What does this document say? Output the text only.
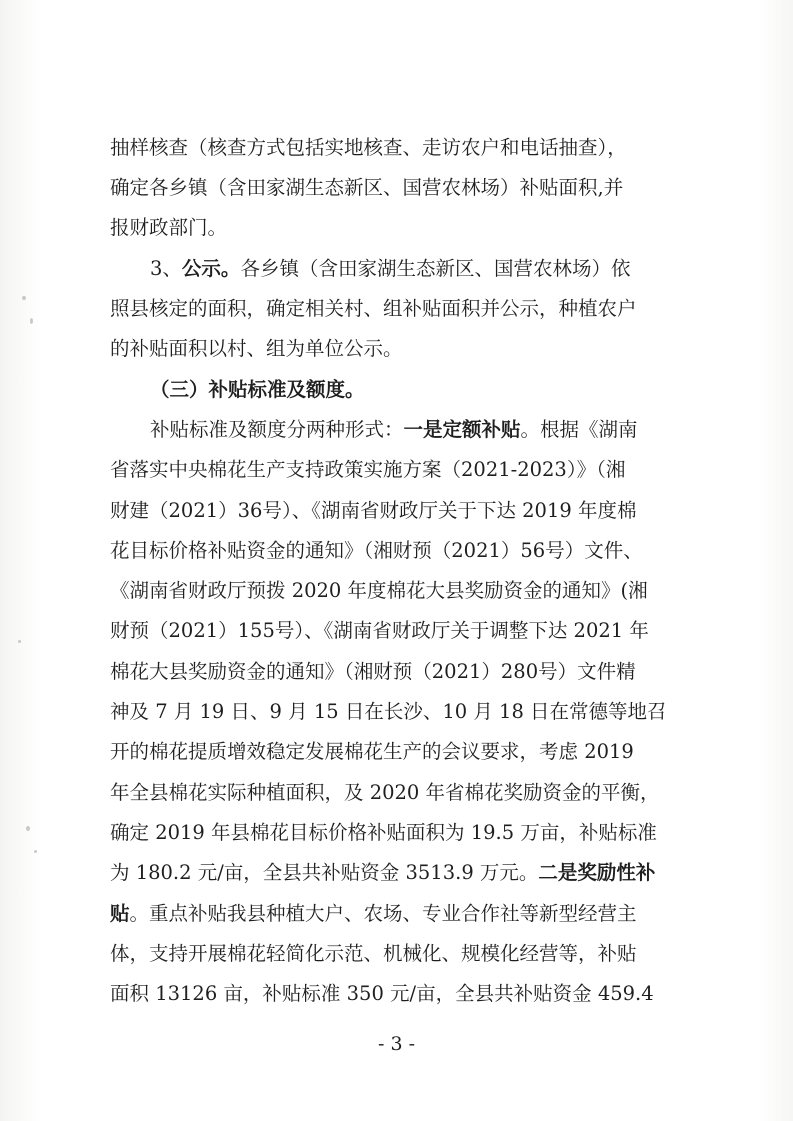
抽样核查（核查方式包括实地核查、走访农户和电话抽查），
确定各乡镇（含田家湖生态新区、国营农林场）补贴面积,并
报财政部门。
3、公示。各乡镇（含田家湖生态新区、国营农林场）依
照县核定的面积，确定相关村、组补贴面积并公示，种植农户
的补贴面积以村、组为单位公示。
（三）补贴标准及额度。
补贴标准及额度分两种形式：一是定额补贴。根据《湖南
省落实中央棉花生产支持政策实施方案（2021-2023）》（湘
财建（2021）36号）、《湖南省财政厅关于下达 2019 年度棉
花目标价格补贴资金的通知》（湘财预（2021）56号）文件、
《湖南省财政厅预拨 2020 年度棉花大县奖励资金的通知》(湘
财预（2021）155号）、《湖南省财政厅关于调整下达 2021 年
棉花大县奖励资金的通知》（湘财预（2021）280号）文件精
神及 7 月 19 日、9 月 15 日在长沙、10 月 18 日在常德等地召
开的棉花提质增效稳定发展棉花生产的会议要求，考虑 2019
年全县棉花实际种植面积，及 2020 年省棉花奖励资金的平衡，
确定 2019 年县棉花目标价格补贴面积为 19.5 万亩，补贴标准
为 180.2 元/亩，全县共补贴资金 3513.9 万元。二是奖励性补
贴。重点补贴我县种植大户、农场、专业合作社等新型经营主
体，支持开展棉花轻简化示范、机械化、规模化经营等，补贴
面积 13126 亩，补贴标准 350 元/亩，全县共补贴资金 459.4
- 3 -
